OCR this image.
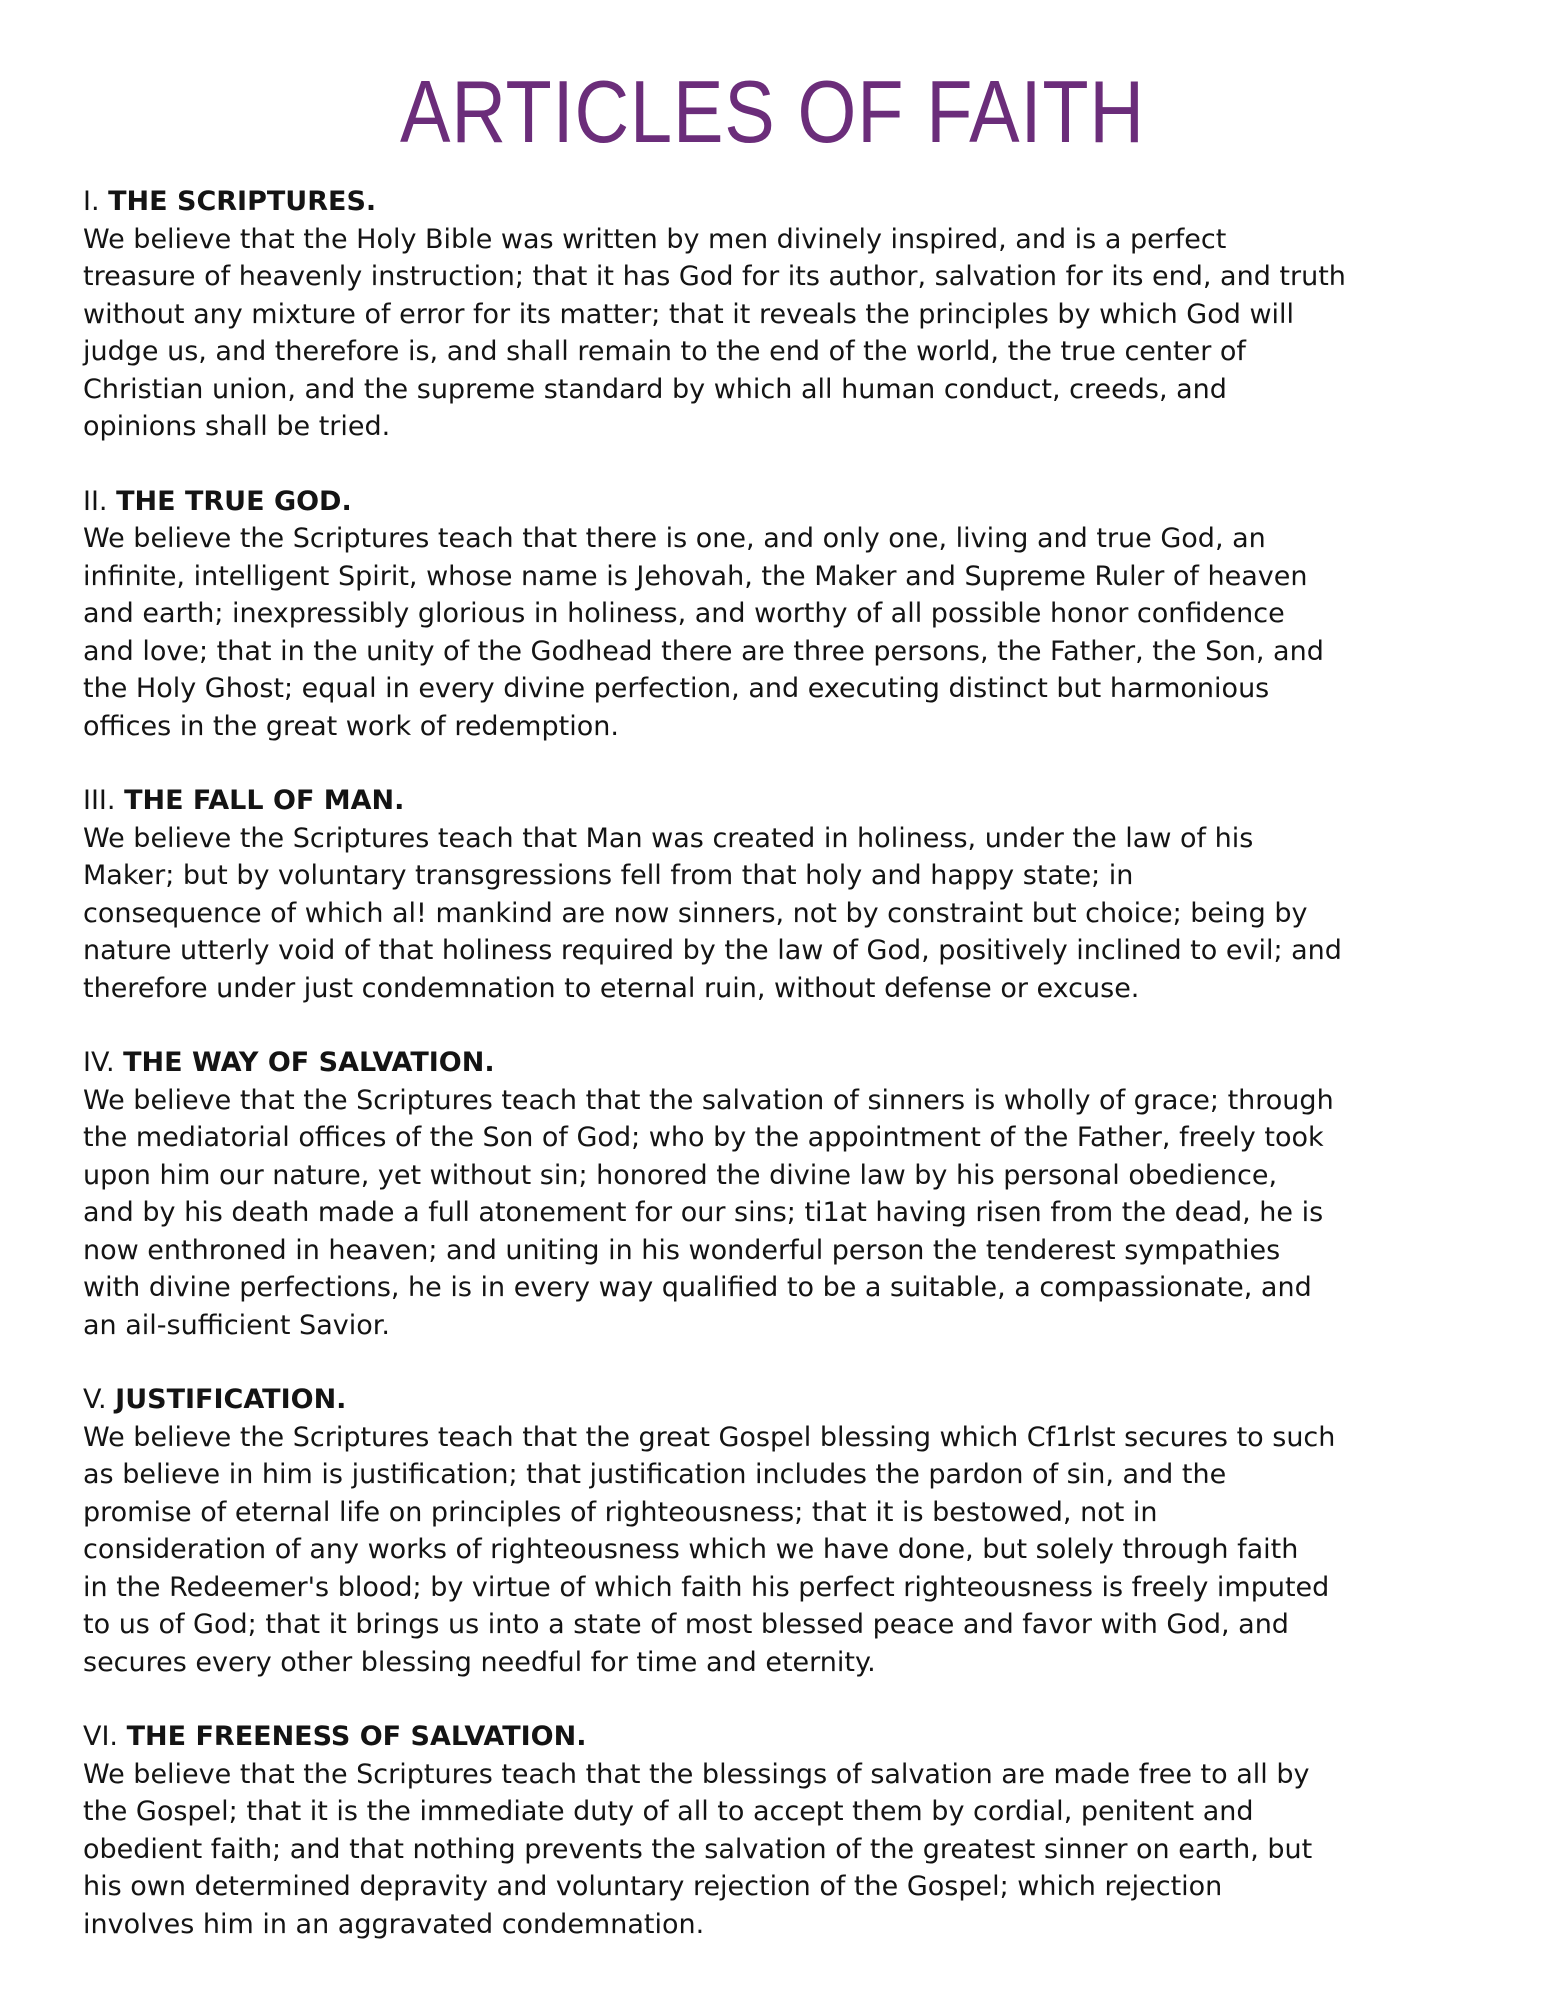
ARTICLES OF FAITH

I. THE SCRIPTURES.

We believe that the Holy Bible was written by men divinely inspired, and is a perfect
treasure of heavenly instruction; that it has God for its author, salvation for its end, and truth
without any mixture of error for its matter; that it reveals the principles by which God will
judge us, and therefore is, and shall remain to the end of the world, the true center of
Christian union, and the supreme standard by which all human conduct, creeds, and
opinions shall be tried.

II. THE TRUE GOD.

We believe the Scriptures teach that there is one, and only one, living and true God, an
infinite, intelligent Spirit, whose name is Jehovah, the Maker and Supreme Ruler of heaven
and earth; inexpressibly glorious in holiness, and worthy of all possible honor confidence
and love; that in the unity of the Godhead there are three persons, the Father, the Son, and
the Holy Ghost; equal in every divine perfection, and executing distinct but harmonious
offices in the great work of redemption.

III. THE FALL OF MAN.

We believe the Scriptures teach that Man was created in holiness, under the law of his
Maker; but by voluntary transgressions fell from that holy and happy state; in
consequence of which al! mankind are now sinners, not by constraint but choice; being by
nature utterly void of that holiness required by the law of God, positively inclined to evil; and
therefore under just condemnation to eternal ruin, without defense or excuse.

IV. THE WAY OF SALVATION.

We believe that the Scriptures teach that the salvation of sinners is wholly of grace; through
the mediatorial offices of the Son of God; who by the appointment of the Father, freely took
upon him our nature, yet without sin; honored the divine law by his personal obedience,
and by his death made a full atonement for our sins; ti1at having risen from the dead, he is
now enthroned in heaven; and uniting in his wonderful person the tenderest sympathies
with divine perfections, he is in every way qualified to be a suitable, a compassionate, and
an ail-sufficient Savior.

V. JUSTIFICATION.

We believe the Scriptures teach that the great Gospel blessing which Cf1rlst secures to such
as believe in him is justification; that justification includes the pardon of sin, and the
promise of eternal life on principles of righteousness; that it is bestowed, not in
consideration of any works of righteousness which we have done, but solely through faith
in the Redeemer's blood; by virtue of which faith his perfect righteousness is freely imputed
to us of God; that it brings us into a state of most blessed peace and favor with God, and
secures every other blessing needful for time and eternity.

VI. THE FREENESS OF SALVATION.

We believe that the Scriptures teach that the blessings of salvation are made free to all by
the Gospel; that it is the immediate duty of all to accept them by cordial, penitent and
obedient faith; and that nothing prevents the salvation of the greatest sinner on earth, but
his own determined depravity and voluntary rejection of the Gospel; which rejection
involves him in an aggravated condemnation.
